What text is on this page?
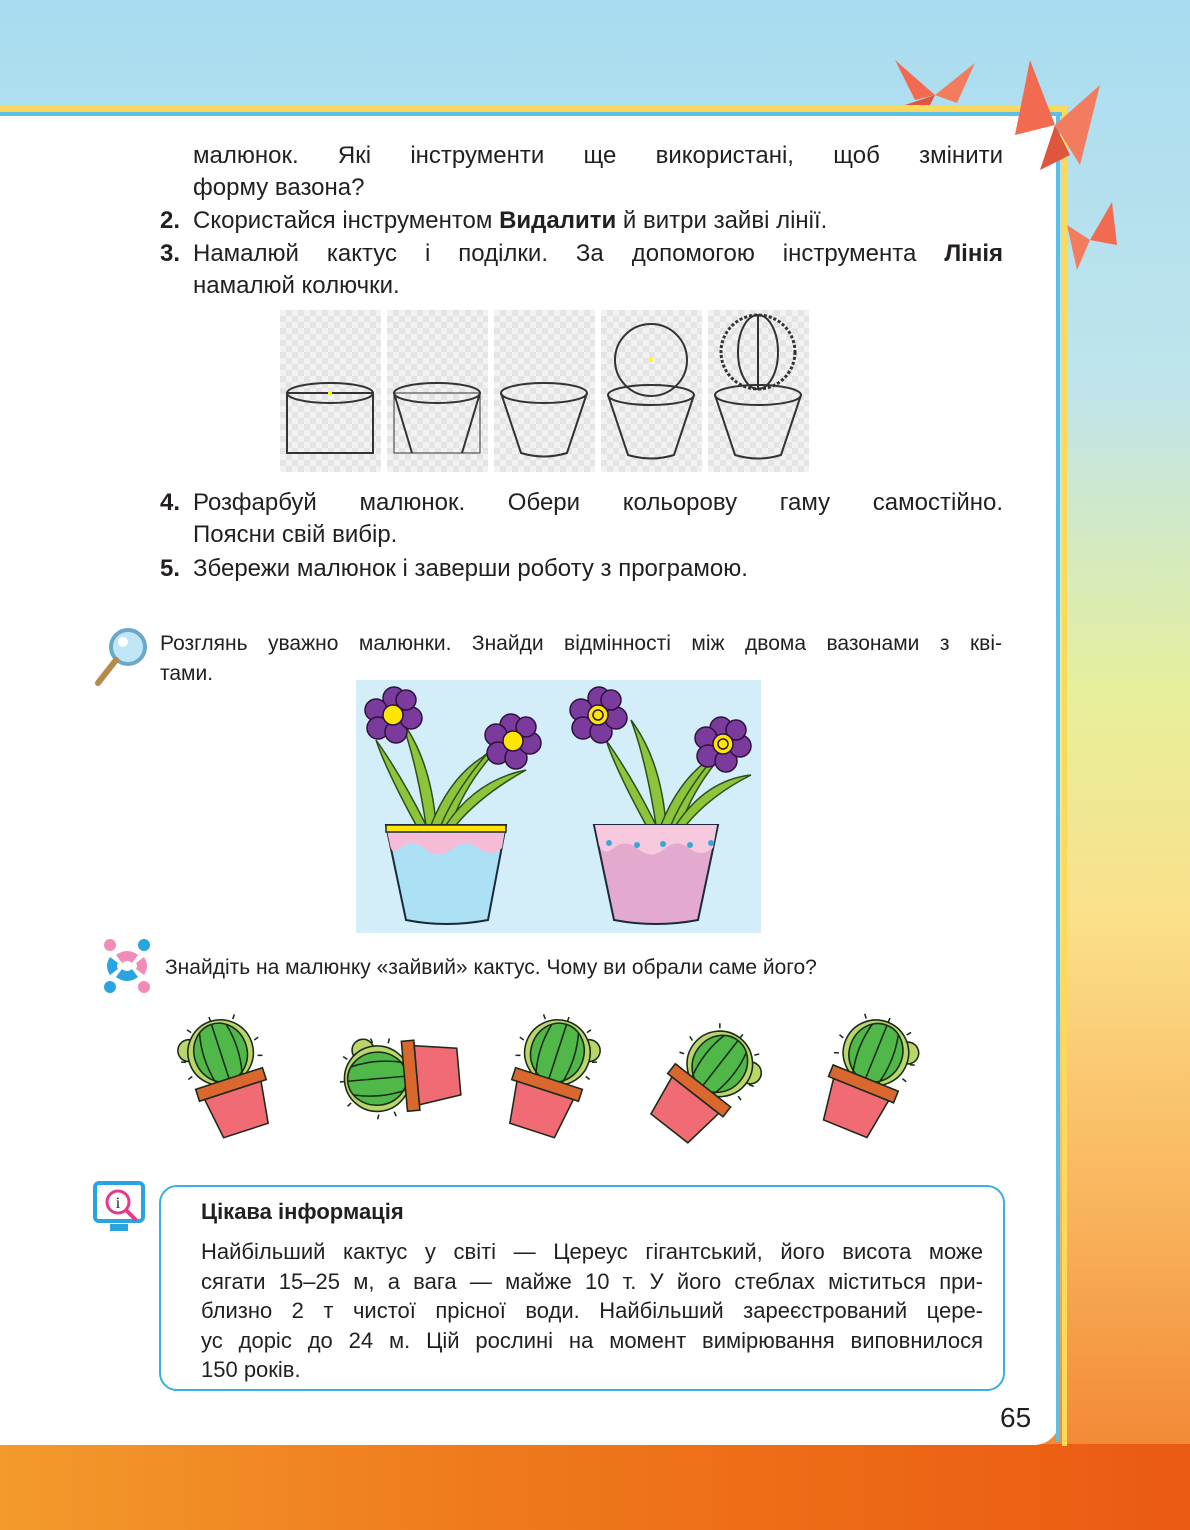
малюнок. Які інструменти ще використані, щоб змінити
форму вазона?
2. Скористайся інструментом Видалити й витри зайві лінії.
3. Намалюй кактус і поділки. За допомогою інструмента Лінія
намалюй колючки.
4. Розфарбуй малюнок. Обери кольорову гаму самостійно.
Поясни свій вибір.
5. Збережи малюнок і заверши роботу з програмою.
Розглянь уважно малюнки. Знайди відмінності між двома вазонами з кві-
тами.
Знайдіть на малюнку «зайвий» кактус. Чому ви обрали саме його?
i	Цікава інформація
Найбільший кактус у світі — Цереус гігантський, його висота може
сягати 15–25 м, а вага — майже 10 т. У його стеблах міститься при-
близно 2 т чистої прісної води. Найбільший зареєстрований цере-
ус доріс до 24 м. Цій рослині на момент вимірювання виповнилося
150 років.
65
